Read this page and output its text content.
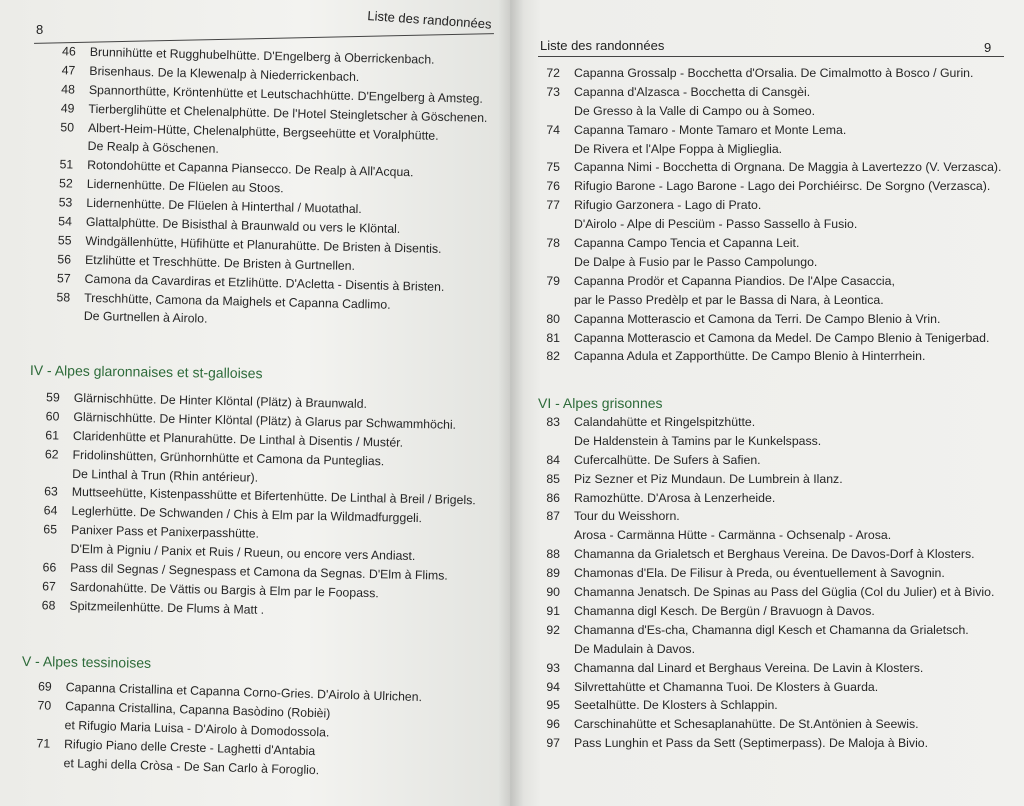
8	Liste des randonnées
46 Brunnihütte et Rugghubelhütte. D'Engelberg à Oberrickenbach.
47 Brisenhaus. De la Klewenalp à Niederrickenbach.
48 Spannorthütte, Kröntenhütte et Leutschachhütte. D'Engelberg à Amsteg.
49 Tierberglihütte et Chelenalphütte. De l'Hotel Steingletscher à Göschenen.
50 Albert-Heim-Hütte, Chelenalphütte, Bergseehütte et Voralphütte.
De Realp à Göschenen.
51 Rotondohütte et Capanna Piansecco. De Realp à All'Acqua.
52 Lidernenhütte. De Flüelen au Stoos.
53 Lidernenhütte. De Flüelen à Hinterthal / Muotathal.
54 Glattalphütte. De Bisisthal à Braunwald ou vers le Klöntal.
55 Windgällenhütte, Hüfihütte et Planurahütte. De Bristen à Disentis.
56 Etzlihütte et Treschhütte. De Bristen à Gurtnellen.
57 Camona da Cavardiras et Etzlihütte. D'Acletta - Disentis à Bristen.
58 Treschhütte, Camona da Maighels et Capanna Cadlimo.
De Gurtnellen à Airolo.
IV - Alpes glaronnaises et st-galloises
59 Glärnischhütte. De Hinter Klöntal (Plätz) à Braunwald.
60 Glärnischhütte. De Hinter Klöntal (Plätz) à Glarus par Schwammhöchi.
61 Claridenhütte et Planurahütte. De Linthal à Disentis / Mustér.
62 Fridolinshütten, Grünhornhütte et Camona da Punteglias.
De Linthal à Trun (Rhin antérieur).
63 Muttseehütte, Kistenpasshütte et Bifertenhütte. De Linthal à Breil / Brigels.
64 Leglerhütte. De Schwanden / Chis à Elm par la Wildmadfurggeli.
65 Panixer Pass et Panixerpasshütte.
D'Elm à Pigniu / Panix et Ruis / Rueun, ou encore vers Andiast.
66 Pass dil Segnas / Segnespass et Camona da Segnas. D'Elm à Flims.
67 Sardonahütte. De Vättis ou Bargis à Elm par le Foopass.
68 Spitzmeilenhütte. De Flums à Matt .
V - Alpes tessinoises
69 Capanna Cristallina et Capanna Corno-Gries. D'Airolo à Ulrichen.
70 Capanna Cristallina, Capanna Basòdino (Robièi)
et Rifugio Maria Luisa - D'Airolo à Domodossola.
71 Rifugio Piano delle Creste - Laghetti d'Antabia
et Laghi della Cròsa - De San Carlo à Foroglio.
Liste des randonnées	9
72 Capanna Grossalp - Bocchetta d'Orsalia. De Cimalmotto à Bosco / Gurin.
73 Capanna d'Alzasca - Bocchetta di Cansgèi.
De Gresso à la Valle di Campo ou à Someo.
74 Capanna Tamaro - Monte Tamaro et Monte Lema.
De Rivera et l'Alpe Foppa à Miglieglia.
75 Capanna Nimi - Bocchetta di Orgnana. De Maggia à Lavertezzo (V. Verzasca).
76 Rifugio Barone - Lago Barone - Lago dei Porchiéirsc. De Sorgno (Verzasca).
77 Rifugio Garzonera - Lago di Prato.
D'Airolo - Alpe di Pesciüm - Passo Sassello à Fusio.
78 Capanna Campo Tencia et Capanna Leit.
De Dalpe à Fusio par le Passo Campolungo.
79 Capanna Prodör et Capanna Piandios. De l'Alpe Casaccia,
par le Passo Predèlp et par le Bassa di Nara, à Leontica.
80 Capanna Motterascio et Camona da Terri. De Campo Blenio à Vrin.
81 Capanna Motterascio et Camona da Medel. De Campo Blenio à Tenigerbad.
82 Capanna Adula et Zapporthütte. De Campo Blenio à Hinterrhein.
VI - Alpes grisonnes
83 Calandahütte et Ringelspitzhütte.
De Haldenstein à Tamins par le Kunkelspass.
84 Cufercalhütte. De Sufers à Safien.
85 Piz Sezner et Piz Mundaun. De Lumbrein à Ilanz.
86 Ramozhütte. D'Arosa à Lenzerheide.
87 Tour du Weisshorn.
Arosa - Carmänna Hütte - Carmänna - Ochsenalp - Arosa.
88 Chamanna da Grialetsch et Berghaus Vereina. De Davos-Dorf à Klosters.
89 Chamonas d'Ela. De Filisur à Preda, ou éventuellement à Savognin.
90 Chamanna Jenatsch. De Spinas au Pass del Güglia (Col du Julier) et à Bivio.
91 Chamanna digl Kesch. De Bergün / Bravuogn à Davos.
92 Chamanna d'Es-cha, Chamanna digl Kesch et Chamanna da Grialetsch.
De Madulain à Davos.
93 Chamanna dal Linard et Berghaus Vereina. De Lavin à Klosters.
94 Silvrettahütte et Chamanna Tuoi. De Klosters à Guarda.
95 Seetalhütte. De Klosters à Schlappin.
96 Carschinahütte et Schesaplanahütte. De St.Antönien à Seewis.
97 Pass Lunghin et Pass da Sett (Septimerpass). De Maloja à Bivio.
